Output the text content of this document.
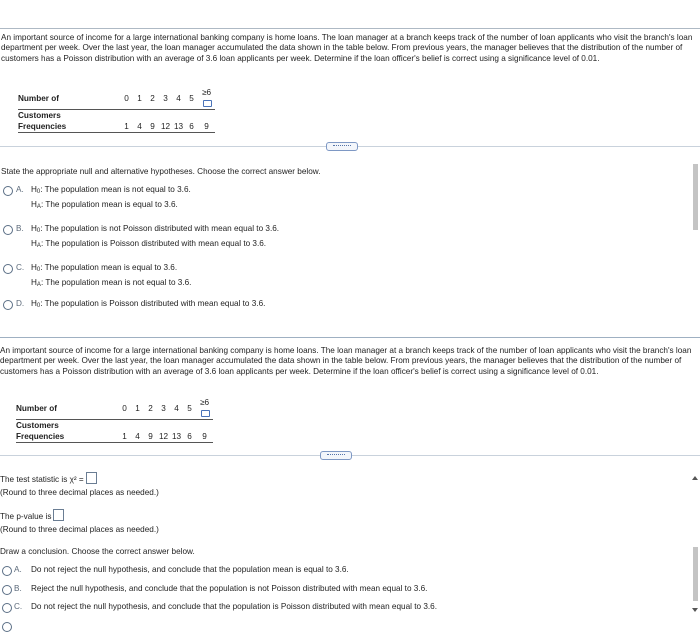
An important source of income for a large international banking company is home loans. The loan manager at a branch keeps track of the number of loan applicants who visit the branch's loan department per week. Over the last year, the loan manager accumulated the data shown in the table below. From previous years, the manager believes that the distribution of the number of customers has a Poisson distribution with an average of 3.6 loan applicants per week. Determine if the loan officer's belief is correct using a significance level of 0.01.
Number of	0	1	2	3	4	5	≥6
Customers							
Frequencies	1	4	9	12	13	6	9
State the appropriate null and alternative hypotheses. Choose the correct answer below.
A. H0: The population mean is not equal to 3.6.
HA: The population mean is equal to 3.6.
B. H0: The population is not Poisson distributed with mean equal to 3.6.
HA: The population is Poisson distributed with mean equal to 3.6.
C. H0: The population mean is equal to 3.6.
HA: The population mean is not equal to 3.6.
D. H0: The population is Poisson distributed with mean equal to 3.6.
An important source of income for a large international banking company is home loans. The loan manager at a branch keeps track of the number of loan applicants who visit the branch's loan department per week. Over the last year, the loan manager accumulated the data shown in the table below. From previous years, the manager believes that the distribution of the number of customers has a Poisson distribution with an average of 3.6 loan applicants per week. Determine if the loan officer's belief is correct using a significance level of 0.01.
Number of	0	1	2	3	4	5	≥6
Customers							
Frequencies	1	4	9	12	13	6	9
The test statistic is χ² =
(Round to three decimal places as needed.)
The p-value is
(Round to three decimal places as needed.)
Draw a conclusion. Choose the correct answer below.
A. Do not reject the null hypothesis, and conclude that the population mean is equal to 3.6.
B. Reject the null hypothesis, and conclude that the population is not Poisson distributed with mean equal to 3.6.
C. Do not reject the null hypothesis, and conclude that the population is Poisson distributed with mean equal to 3.6.
